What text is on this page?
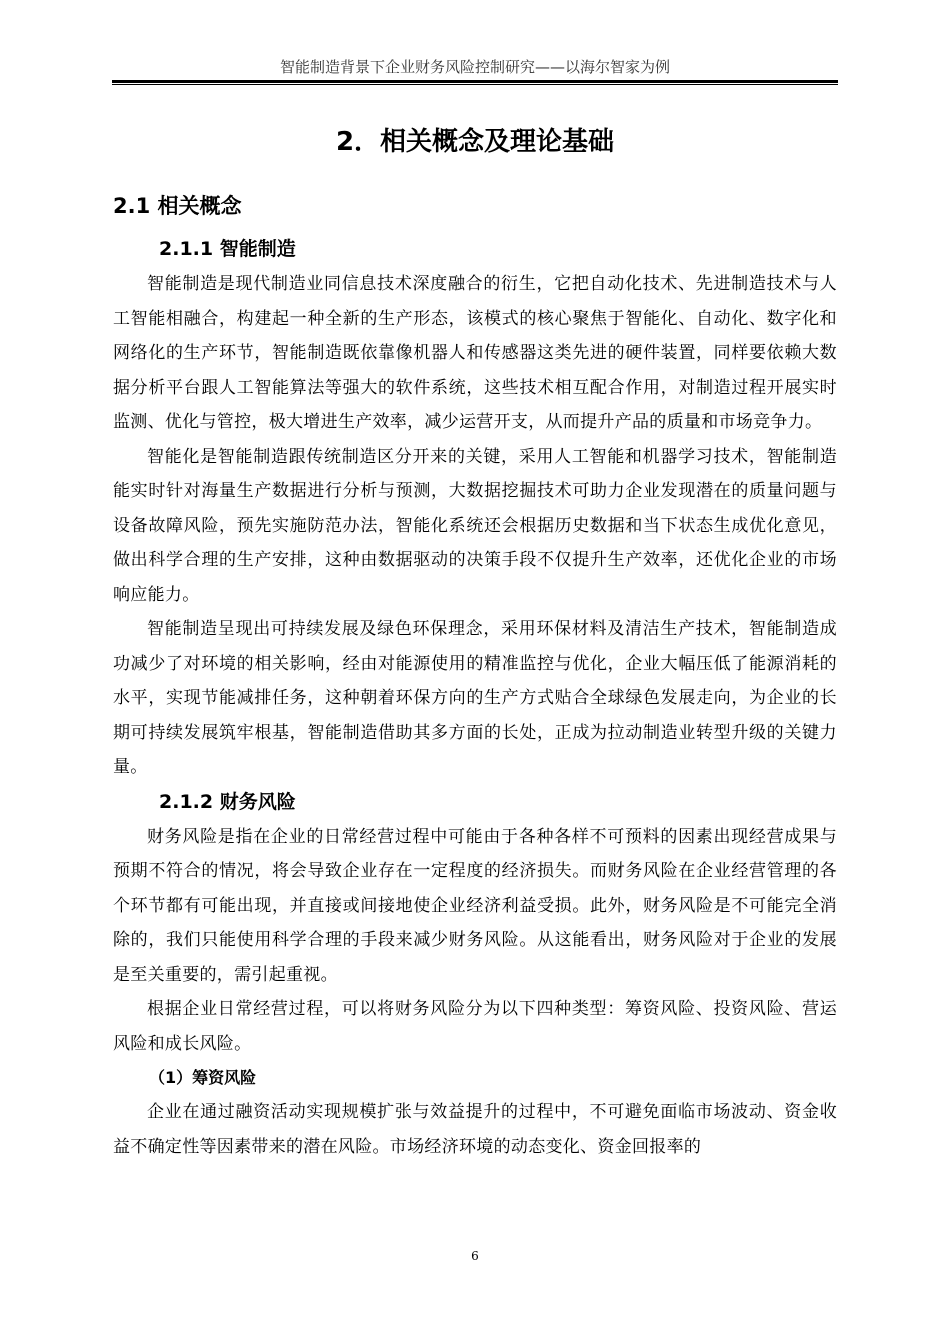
智能制造背景下企业财务风险控制研究——以海尔智家为例
2．相关概念及理论基础
2.1 相关概念
2.1.1 智能制造

智能制造是现代制造业同信息技术深度融合的衍生，它把自动化技术、先进制造技术与人工智能相融合，构建起一种全新的生产形态，该模式的核心聚焦于智能化、自动化、数字化和网络化的生产环节，智能制造既依靠像机器人和传感器这类先进的硬件装置，同样要依赖大数据分析平台跟人工智能算法等强大的软件系统，这些技术相互配合作用，对制造过程开展实时监测、优化与管控，极大增进生产效率，减少运营开支，从而提升产品的质量和市场竞争力。

智能化是智能制造跟传统制造区分开来的关键，采用人工智能和机器学习技术，智能制造能实时针对海量生产数据进行分析与预测，大数据挖掘技术可助力企业发现潜在的质量问题与设备故障风险，预先实施防范办法，智能化系统还会根据历史数据和当下状态生成优化意见，做出科学合理的生产安排，这种由数据驱动的决策手段不仅提升生产效率，还优化企业的市场响应能力。

智能制造呈现出可持续发展及绿色环保理念，采用环保材料及清洁生产技术，智能制造成功减少了对环境的相关影响，经由对能源使用的精准监控与优化，企业大幅压低了能源消耗的水平，实现节能减排任务，这种朝着环保方向的生产方式贴合全球绿色发展走向，为企业的长期可持续发展筑牢根基，智能制造借助其多方面的长处，正成为拉动制造业转型升级的关键力量。

2.1.2 财务风险

财务风险是指在企业的日常经营过程中可能由于各种各样不可预料的因素出现经营成果与预期不符合的情况，将会导致企业存在一定程度的经济损失。而财务风险在企业经营管理的各个环节都有可能出现，并直接或间接地使企业经济利益受损。此外，财务风险是不可能完全消除的，我们只能使用科学合理的手段来减少财务风险。从这能看出，财务风险对于企业的发展是至关重要的，需引起重视。

根据企业日常经营过程，可以将财务风险分为以下四种类型：筹资风险、投资风险、营运风险和成长风险。

（1）筹资风险

企业在通过融资活动实现规模扩张与效益提升的过程中，不可避免面临市场波动、资金收益不确定性等因素带来的潜在风险。市场经济环境的动态变化、资金回报率的

6
